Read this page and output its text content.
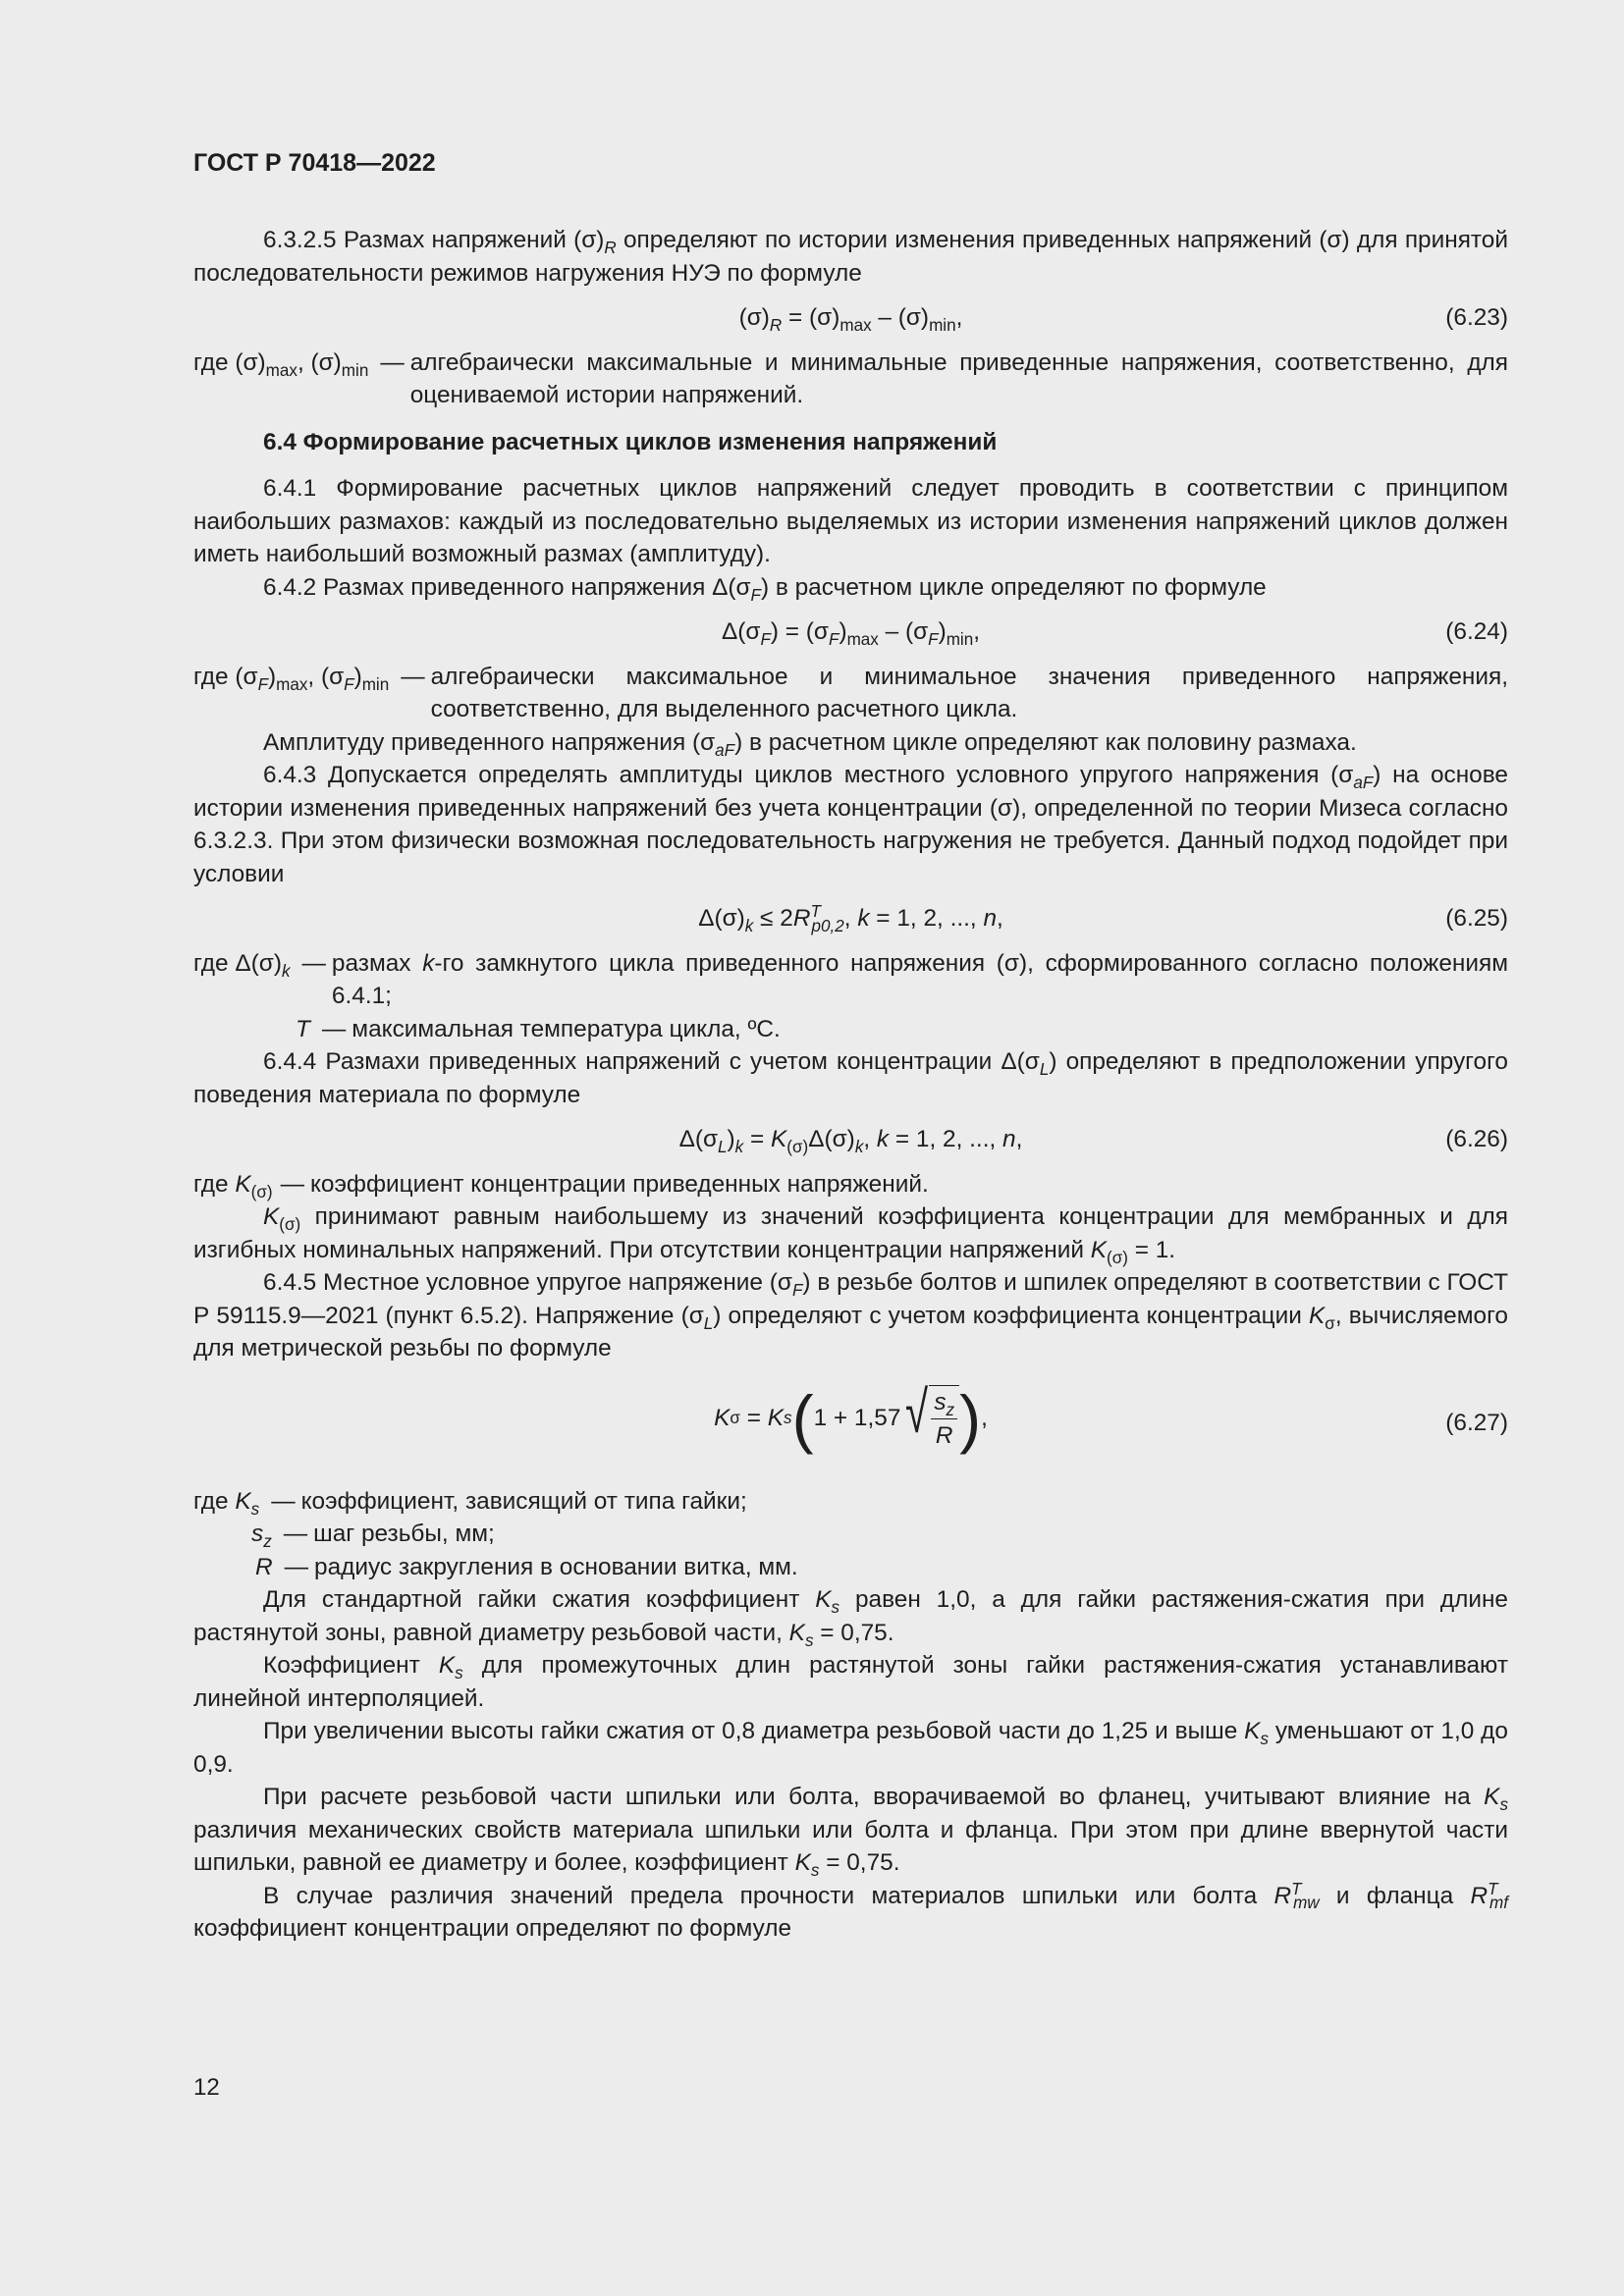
ГОСТ Р 70418—2022

6.3.2.5 Размах напряжений $(\sigma)_R$ определяют по истории изменения приведенных напряжений (σ) для принятой последовательности режимов нагружения НУЭ по формуле

$(\sigma)_R = (\sigma)_{max} - (\sigma)_{min}$,	(6.23)

где $(\sigma)_{max}$, $(\sigma)_{min}$ — алгебраически максимальные и минимальные приведенные напряжения, соответственно, для оцениваемой истории напряжений.

6.4 Формирование расчетных циклов изменения напряжений

6.4.1 Формирование расчетных циклов напряжений следует проводить в соответствии с принципом наибольших размахов: каждый из последовательно выделяемых из истории изменения напряжений циклов должен иметь наибольший возможный размах (амплитуду).

6.4.2 Размах приведенного напряжения $\Delta(\sigma_F)$ в расчетном цикле определяют по формуле

$\Delta(\sigma_F) = (\sigma_F)_{max} - (\sigma_F)_{min}$,	(6.24)

где $(\sigma_F)_{max}$, $(\sigma_F)_{min}$ — алгебраически максимальное и минимальное значения приведенного напряжения, соответственно, для выделенного расчетного цикла.

Амплитуду приведенного напряжения $(\sigma_{aF})$ в расчетном цикле определяют как половину размаха.

6.4.3 Допускается определять амплитуды циклов местного условного упругого напряжения $(\sigma_{aF})$ на основе истории изменения приведенных напряжений без учета концентрации (σ), определенной по теории Мизеса согласно 6.3.2.3. При этом физически возможная последовательность нагружения не требуется. Данный подход подойдет при условии

$\Delta(\sigma)_k \le 2R^T_{p0,2}$, k = 1, 2, ..., n,	(6.25)

где $\Delta(\sigma)_k$ — размах k-го замкнутого цикла приведенного напряжения (σ), сформированного согласно положениям 6.4.1;
T — максимальная температура цикла, ºС.

6.4.4 Размахи приведенных напряжений с учетом концентрации $\Delta(\sigma_L)$ определяют в предположении упругого поведения материала по формуле

$\Delta(\sigma_L)_k = K_{(\sigma)}\Delta(\sigma)_k$, k = 1, 2, ..., n,	(6.26)

где $K_{(\sigma)}$ — коэффициент концентрации приведенных напряжений.

$K_{(\sigma)}$ принимают равным наибольшему из значений коэффициента концентрации для мембранных и для изгибных номинальных напряжений. При отсутствии концентрации напряжений $K_{(\sigma)} = 1$.

6.4.5 Местное условное упругое напряжение $(\sigma_F)$ в резьбе болтов и шпилек определяют в соответствии с ГОСТ Р 59115.9—2021 (пункт 6.5.2). Напряжение $(\sigma_L)$ определяют с учетом коэффициента концентрации $K_\sigma$, вычисляемого для метрической резьбы по формуле

K σ = K s ( 1 + 1,57 √ $\frac{s_z}{R}$ ) ,	(6.27)
где $K_s$ — коэффициент, зависящий от типа гайки;
$s_z$ — шаг резьбы, мм;
R — радиус закругления в основании витка, мм.

Для стандартной гайки сжатия коэффициент $K_s$ равен 1,0, а для гайки растяжения-сжатия при длине растянутой зоны, равной диаметру резьбовой части, $K_s = 0,75$.

Коэффициент $K_s$ для промежуточных длин растянутой зоны гайки растяжения-сжатия устанавливают линейной интерполяцией.

При увеличении высоты гайки сжатия от 0,8 диаметра резьбовой части до 1,25 и выше $K_s$ уменьшают от 1,0 до 0,9.

При расчете резьбовой части шпильки или болта, вворачиваемой во фланец, учитывают влияние на $K_s$ различия механических свойств материала шпильки или болта и фланца. При этом при длине ввернутой части шпильки, равной ее диаметру и более, коэффициент $K_s = 0,75$.

В случае различия значений предела прочности материалов шпильки или болта $R^T_{mw}$ и фланца $R^T_{mf}$ коэффициент концентрации определяют по формуле

12
